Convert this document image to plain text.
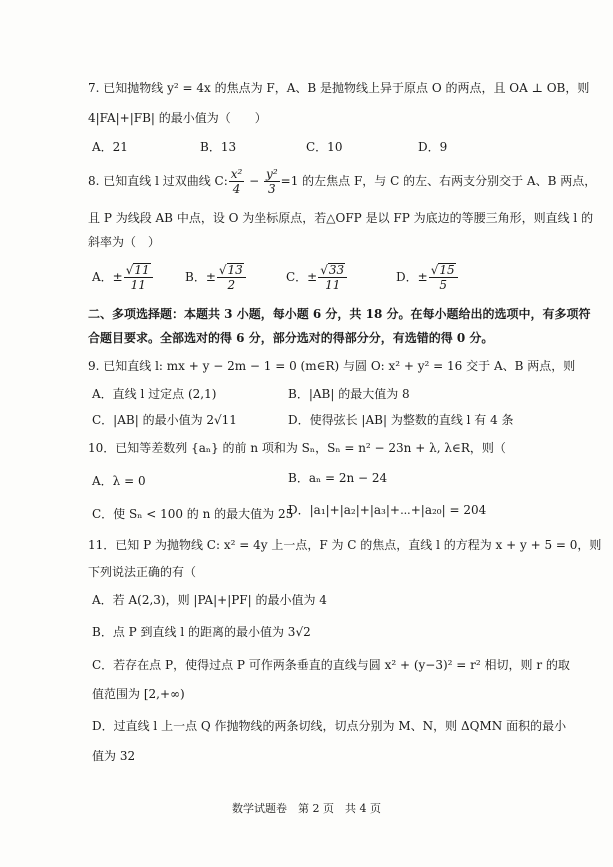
7. 已知抛物线 y² = 4x 的焦点为 F，A、B 是抛物线上异于原点 O 的两点，且 OA ⊥ OB，则
4|FA|+|FB| 的最小值为（　　）
A．21	B．13	C．10	D．9
8. 已知直线 l 过双曲线 C: $\frac{\text{x²}}{4} - \frac{\text{y²}}{3} =1$ 的左焦点 F，与 C 的左、右两支分别交于 A、B 两点，
且 P 为线段 AB 中点，设 O 为坐标原点，若△OFP 是以 FP 为底边的等腰三角形，则直线 l 的
斜率为（　）
A．± $\frac{√11}{11}$	B．± $\frac{√13}{2}$	C．± $\frac{√33}{11}$	D．± $\frac{√15}{5}$
二、多项选择题：本题共 3 小题，每小题 6 分，共 18 分。在每小题给出的选项中，有多项符
合题目要求。全部选对的得 6 分，部分选对的得部分分，有选错的得 0 分。
9. 已知直线 l: mx + y − 2m − 1 = 0 (m∈R) 与圆 O: x² + y² = 16 交于 A、B 两点，则
A．直线 l 过定点 (2,1)	B．|AB| 的最大值为 8
C．|AB| 的最小值为 2√11	D．使得弦长 |AB| 为整数的直线 l 有 4 条
10．已知等差数列 {aₙ} 的前 n 项和为 Sₙ，Sₙ = n² − 23n + λ, λ∈R，则（
A．λ = 0	B．aₙ = 2n − 24
C．使 Sₙ < 100 的 n 的最大值为 25
D．|a₁|+|a₂|+|a₃|+⋯+|a₂₀| = 204
11．已知 P 为抛物线 C: x² = 4y 上一点，F 为 C 的焦点，直线 l 的方程为 x + y + 5 = 0，则
下列说法正确的有（
A．若 A(2,3)，则 |PA|+|PF| 的最小值为 4
B．点 P 到直线 l 的距离的最小值为 3√2
C．若存在点 P，使得过点 P 可作两条垂直的直线与圆 x² + (y−3)² = r² 相切，则 r 的取
值范围为 [2,+∞)
D．过直线 l 上一点 Q 作抛物线的两条切线，切点分别为 M、N，则 ΔQMN 面积的最小
值为 32
数学试题卷　第 2 页　共 4 页
